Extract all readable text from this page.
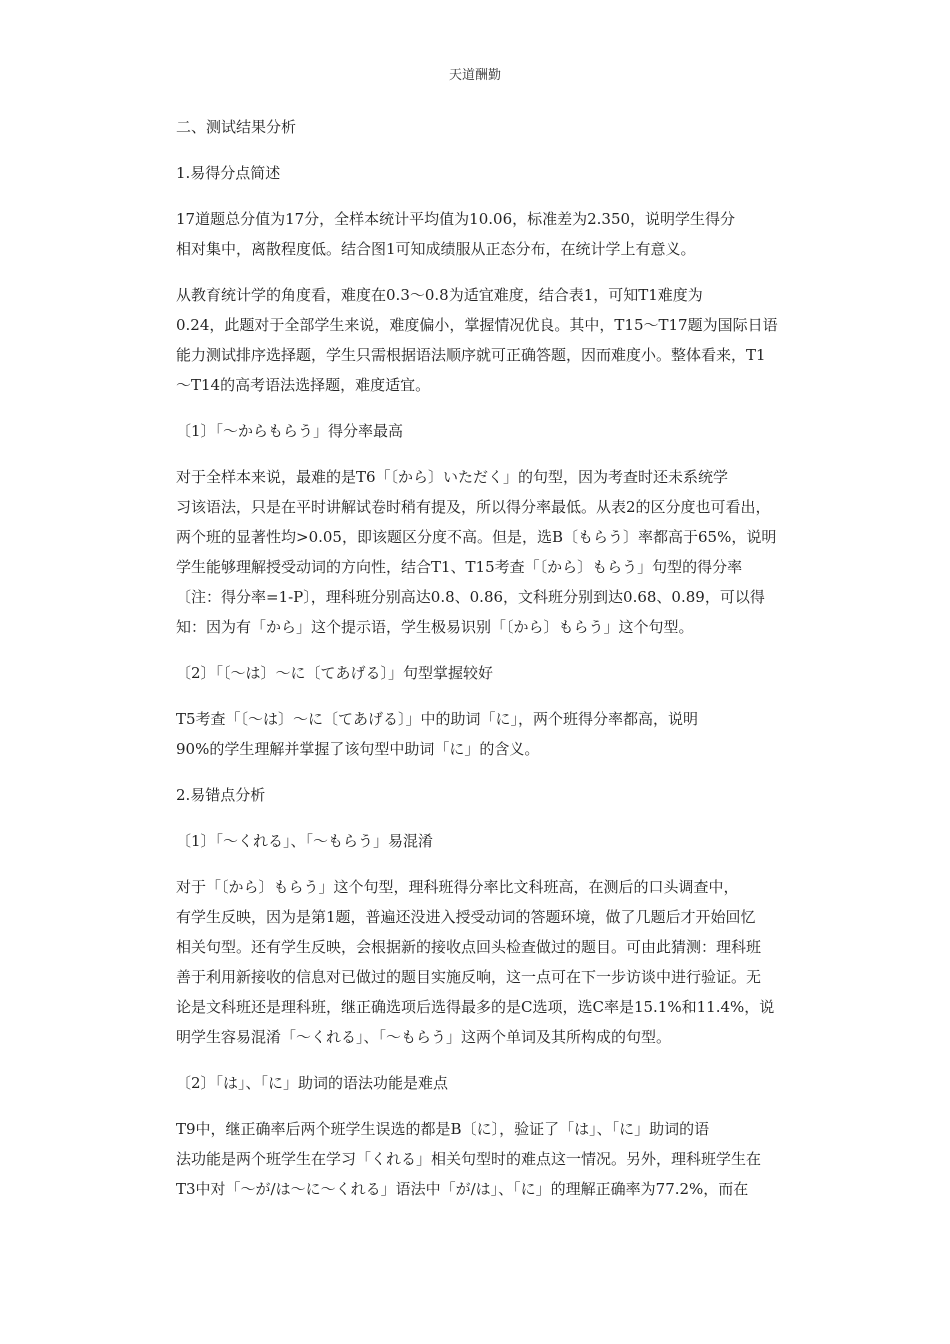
天道酬勤

二、测试结果分析

1.易得分点简述

17道题总分值为17分，全样本统计平均值为10.06，标准差为2.350，说明学生得分
相对集中，离散程度低。结合图1可知成绩服从正态分布，在统计学上有意义。
从教育统计学的角度看，难度在0.3～0.8为适宜难度，结合表1，可知T1难度为
0.24，此题对于全部学生来说，难度偏小，掌握情况优良。其中，T15～T17题为国际日语
能力测试排序选择题，学生只需根据语法顺序就可正确答题，因而难度小。整体看来，T1
～T14的高考语法选择题，难度适宜。

〔1〕「～からもらう」得分率最高

对于全样本来说，最难的是T6「〔から〕いただく」的句型，因为考查时还未系统学
习该语法，只是在平时讲解试卷时稍有提及，所以得分率最低。从表2的区分度也可看出，
两个班的显著性均>0.05，即该题区分度不高。但是，选B〔もらう〕率都高于65%，说明
学生能够理解授受动词的方向性，结合T1、T15考查「〔から〕もらう」句型的得分率
〔注：得分率=1-P〕，理科班分别高达0.8、0.86，文科班分别到达0.68、0.89，可以得
知：因为有「から」这个提示语，学生极易识别「〔から〕もらう」这个句型。

〔2〕「〔～は〕～に〔てあげる〕」句型掌握较好

T5考查「〔～は〕～に〔てあげる〕」中的助词「に」，两个班得分率都高，说明
90%的学生理解并掌握了该句型中助词「に」的含义。

2.易错点分析

〔1〕「～くれる」、「～もらう」易混淆

对于「〔から〕もらう」这个句型，理科班得分率比文科班高，在测后的口头调查中，
有学生反映，因为是第1题，普遍还没进入授受动词的答题环境，做了几题后才开始回忆
相关句型。还有学生反映，会根据新的接收点回头检查做过的题目。可由此猜测：理科班
善于利用新接收的信息对已做过的题目实施反响，这一点可在下一步访谈中进行验证。无
论是文科班还是理科班，继正确选项后选得最多的是C选项，选C率是15.1%和11.4%，说
明学生容易混淆「～くれる」、「～もらう」这两个单词及其所构成的句型。

〔2〕「は」、「に」助词的语法功能是难点

T9中，继正确率后两个班学生误选的都是B〔に〕，验证了「は」、「に」助词的语
法功能是两个班学生在学习「くれる」相关句型时的难点这一情况。另外，理科班学生在
T3中对「～が/は～に～くれる」语法中「が/は」、「に」的理解正确率为77.2%，而在
